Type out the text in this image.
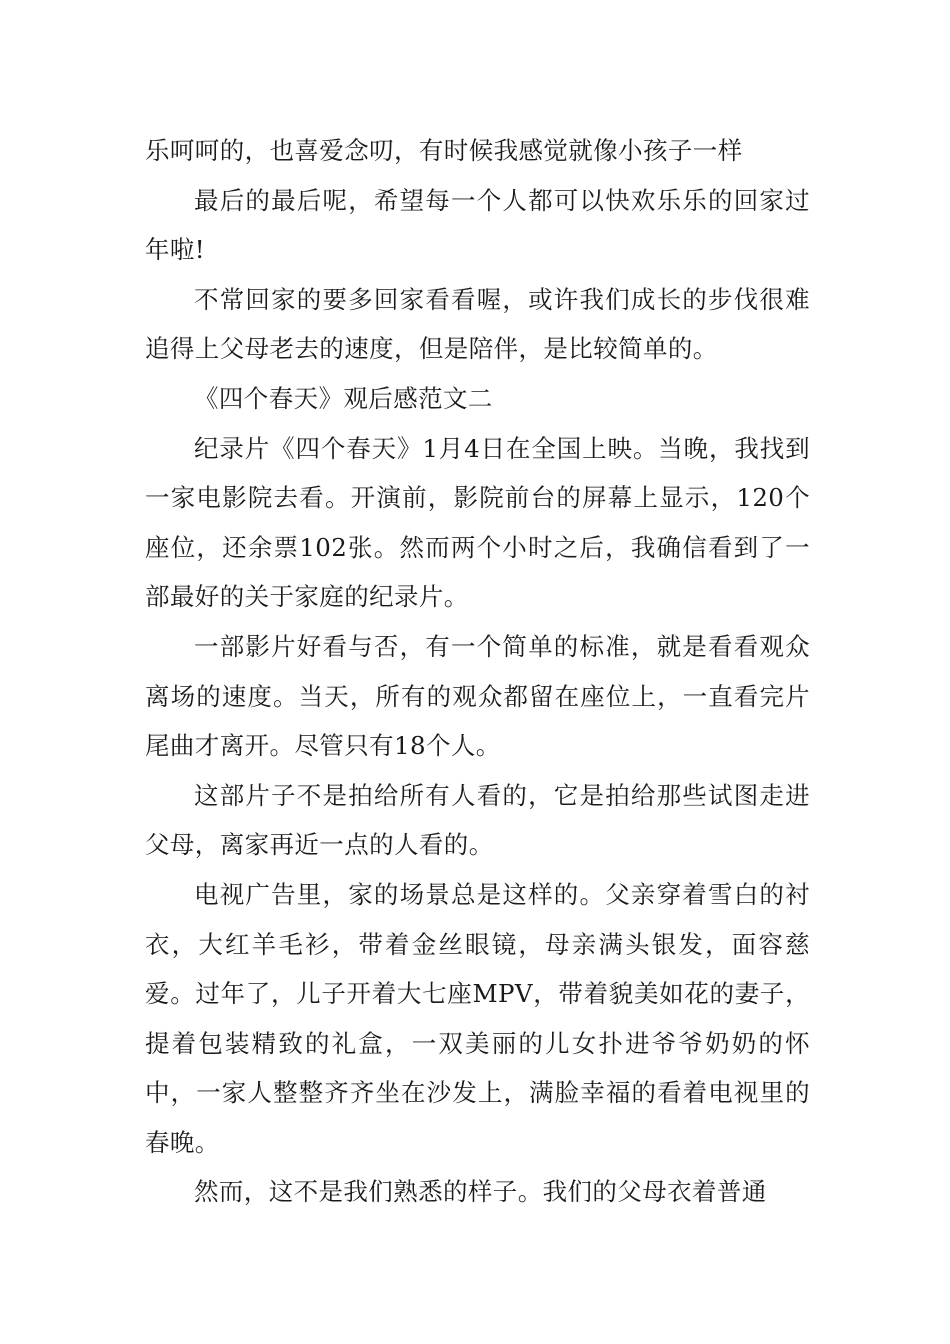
乐呵呵的，也喜爱念叨，有时候我感觉就像小孩子一样

最后的最后呢，希望每一个人都可以快欢乐乐的回家过年啦!

不常回家的要多回家看看喔，或许我们成长的步伐很难追得上父母老去的速度，但是陪伴，是比较简单的。

《四个春天》观后感范文二

纪录片《四个春天》1月4日在全国上映。当晚，我找到一家电影院去看。开演前，影院前台的屏幕上显示，120个座位，还余票102张。然而两个小时之后，我确信看到了一部最好的关于家庭的纪录片。

一部影片好看与否，有一个简单的标准，就是看看观众离场的速度。当天，所有的观众都留在座位上，一直看完片尾曲才离开。尽管只有18个人。

这部片子不是拍给所有人看的，它是拍给那些试图走进父母，离家再近一点的人看的。

电视广告里，家的场景总是这样的。父亲穿着雪白的衬衣，大红羊毛衫，带着金丝眼镜，母亲满头银发，面容慈爱。过年了，儿子开着大七座MPV，带着貌美如花的妻子，提着包装精致的礼盒，一双美丽的儿女扑进爷爷奶奶的怀中，一家人整整齐齐坐在沙发上，满脸幸福的看着电视里的春晚。

然而，这不是我们熟悉的样子。我们的父母衣着普通
